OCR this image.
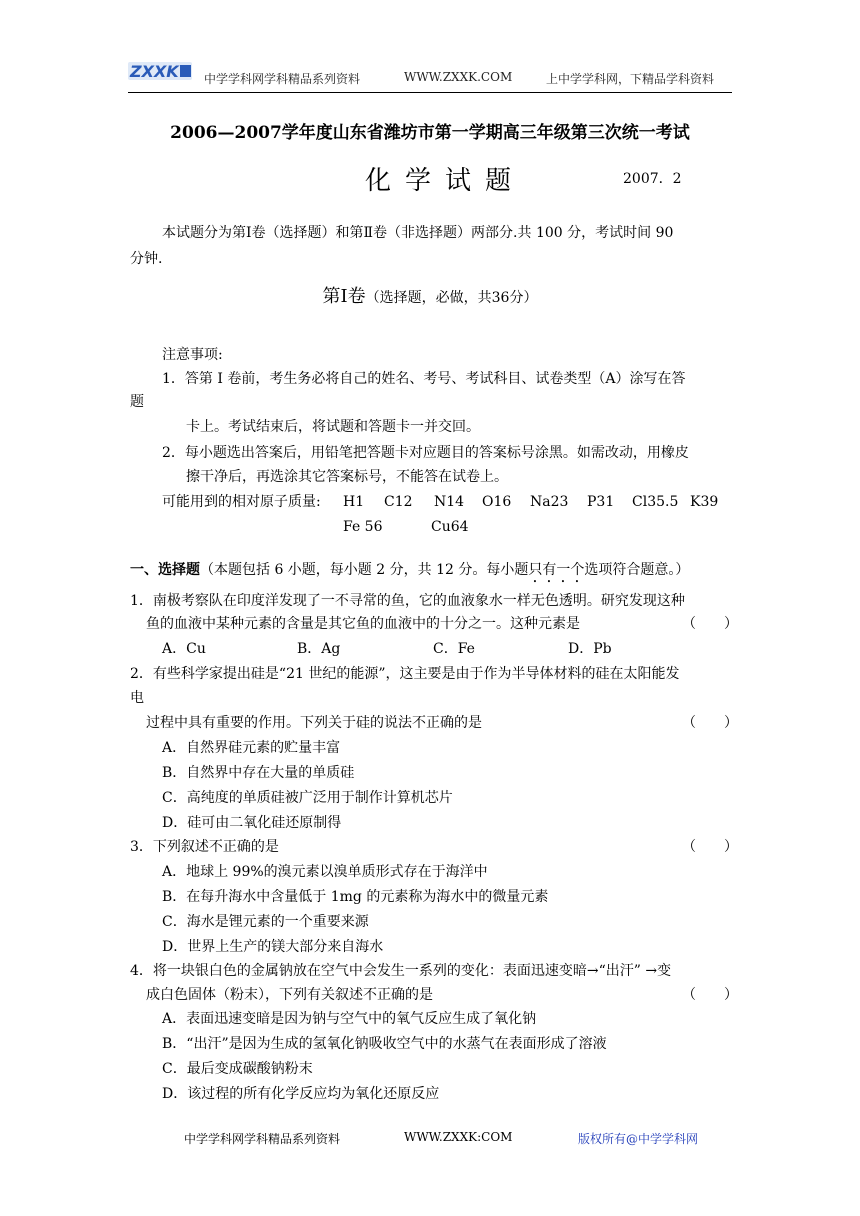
ZXXK 中学学科网学科精品系列资料	WWW.ZXXK.COM	上中学学科网，下精品学科资料
2006—2007学年度山东省潍坊市第一学期高三年级第三次统一考试
化学试题	2007．2
本试题分为第Ⅰ卷（选择题）和第Ⅱ卷（非选择题）两部分.共 100 分，考试时间 90
分钟.
第Ⅰ卷（选择题，必做，共36分）
注意事项:
1．答第 Ⅰ 卷前，考生务必将自己的姓名、考号、考试科目、试卷类型（A）涂写在答
题
卡上。考试结束后，将试题和答题卡一并交回。
2．每小题选出答案后，用铅笔把答题卡对应题目的答案标号涂黑。如需改动，用橡皮
擦干净后，再选涂其它答案标号，不能答在试卷上。
可能用到的相对原子质量: H1 C12 N14 O16 Na23 P31 Cl35.5 K39
Fe 56	Cu64
一、选择题（本题包括 6 小题，每小题 2 分，共 12 分。每小题只有一个选项符合题意。）
1．南极考察队在印度洋发现了一不寻常的鱼，它的血液象水一样无色透明。研究发现这种
鱼的血液中某种元素的含量是其它鱼的血液中的十分之一。这种元素是	（　　）
A．Cu	B．Ag	C．Fe	D．Pb
2．有些科学家提出硅是“21 世纪的能源”，这主要是由于作为半导体材料的硅在太阳能发
电
过程中具有重要的作用。下列关于硅的说法不正确的是	（　　）
A．自然界硅元素的贮量丰富
B．自然界中存在大量的单质硅
C．高纯度的单质硅被广泛用于制作计算机芯片
D．硅可由二氧化硅还原制得
3．下列叙述不正确的是	（　　）
A．地球上 99%的溴元素以溴单质形式存在于海洋中
B．在每升海水中含量低于 1mg 的元素称为海水中的微量元素
C．海水是锂元素的一个重要来源
D．世界上生产的镁大部分来自海水
4．将一块银白色的金属钠放在空气中会发生一系列的变化：表面迅速变暗→“出汗” →变
成白色固体（粉末），下列有关叙述不正确的是	（　　）
A．表面迅速变暗是因为钠与空气中的氧气反应生成了氧化钠
B．“出汗”是因为生成的氢氧化钠吸收空气中的水蒸气在表面形成了溶液
C．最后变成碳酸钠粉末
D．该过程的所有化学反应均为氧化还原反应
中学学科网学科精品系列资料	WWW.ZXXK:COM	版权所有@中学学科网
